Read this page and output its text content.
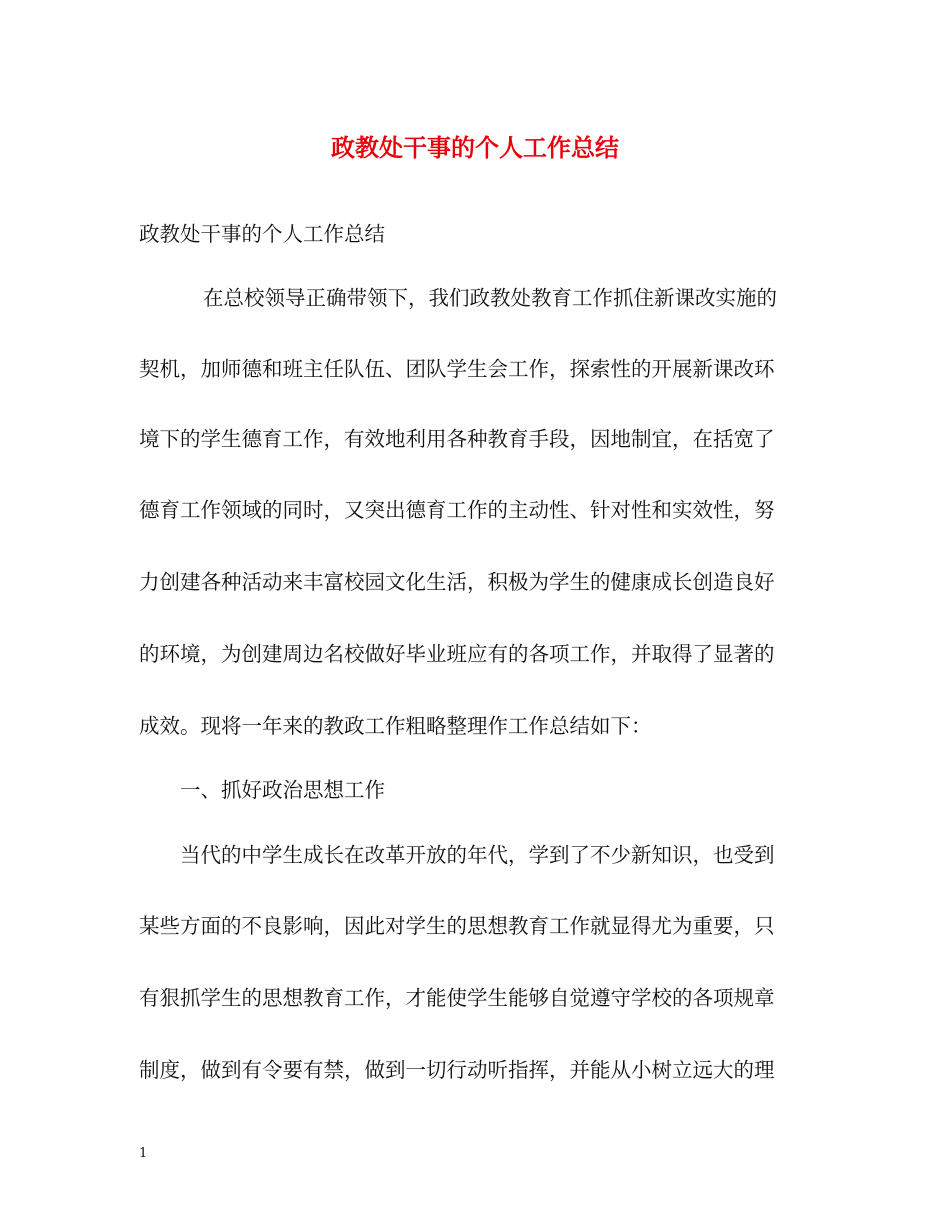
政教处干事的个人工作总结

政教处干事的个人工作总结

在总校领导正确带领下，我们政教处教育工作抓住新课改实施的

契机，加师德和班主任队伍、团队学生会工作，探索性的开展新课改环

境下的学生德育工作，有效地利用各种教育手段，因地制宜，在括宽了

德育工作领域的同时，又突出德育工作的主动性、针对性和实效性，努

力创建各种活动来丰富校园文化生活，积极为学生的健康成长创造良好

的环境，为创建周边名校做好毕业班应有的各项工作，并取得了显著的

成效。现将一年来的教政工作粗略整理作工作总结如下：

一、抓好政治思想工作

当代的中学生成长在改革开放的年代，学到了不少新知识，也受到

某些方面的不良影响，因此对学生的思想教育工作就显得尤为重要，只

有狠抓学生的思想教育工作，才能使学生能够自觉遵守学校的各项规章

制度，做到有令要有禁，做到一切行动听指挥，并能从小树立远大的理

1
